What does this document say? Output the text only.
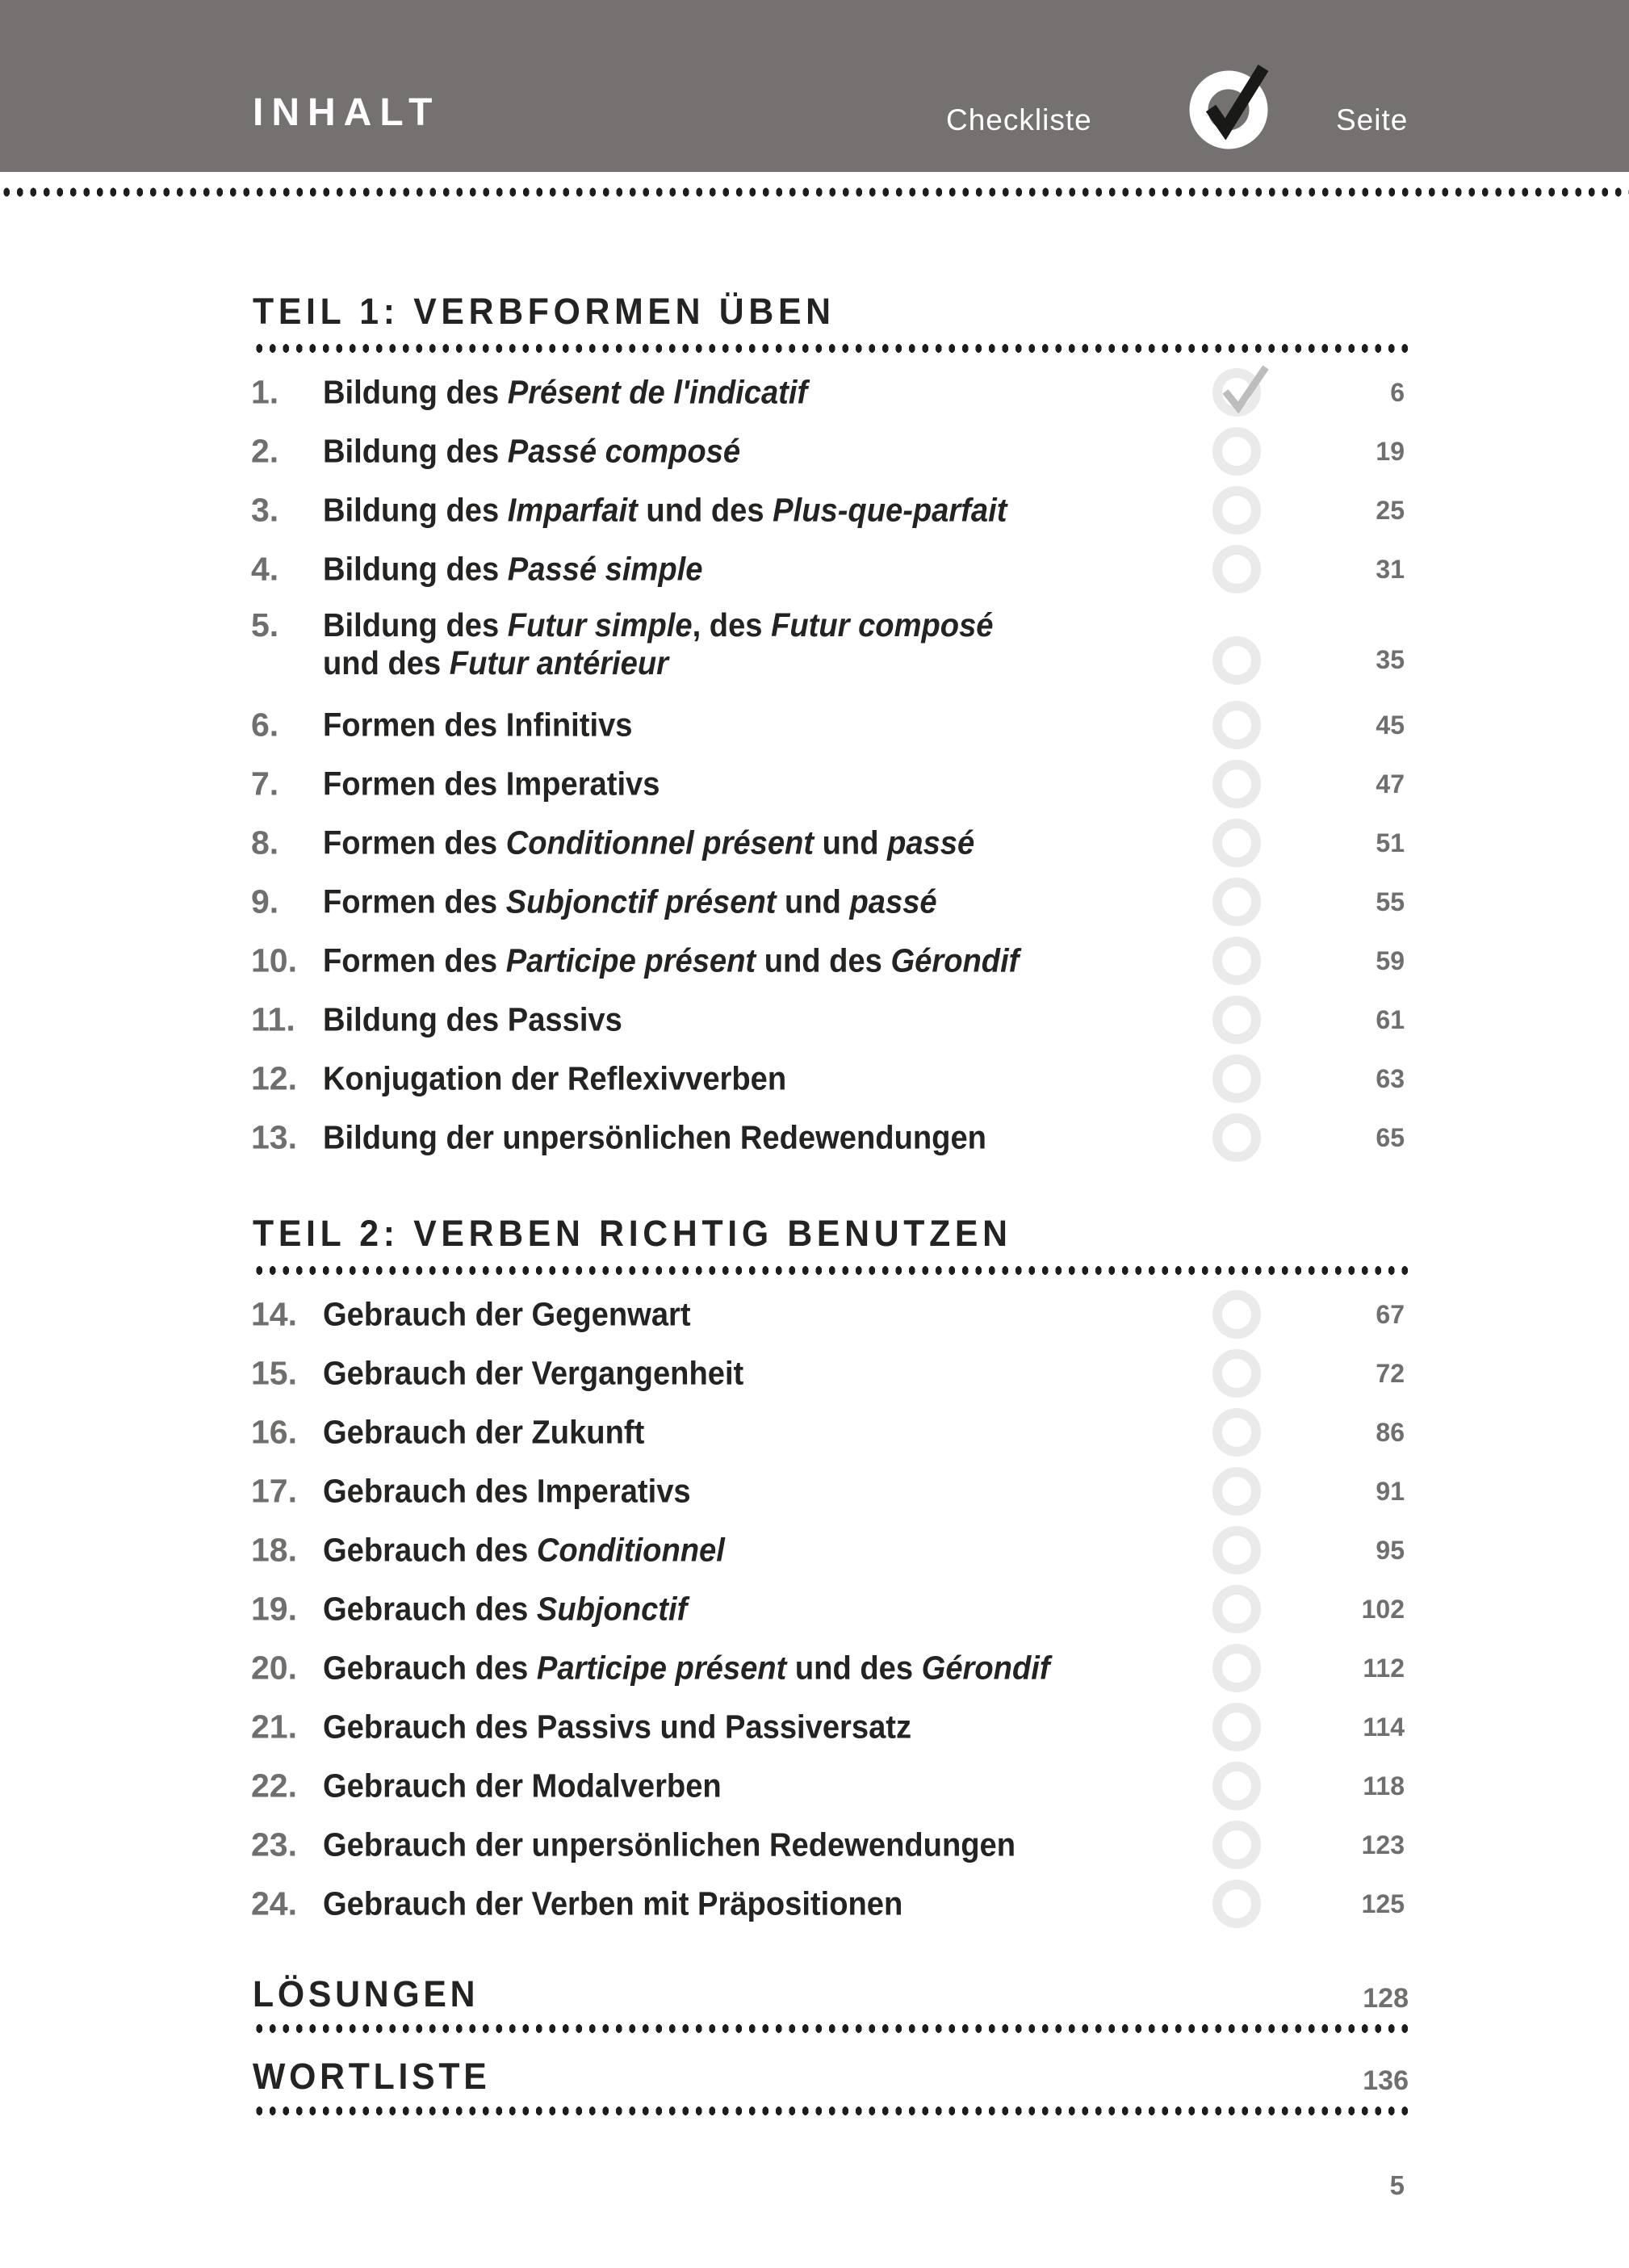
INHALT	Checkliste	Seite
TEIL 1: VERBFORMEN ÜBEN
1. Bildung des Présent de l'indicatif	6
2. Bildung des Passé composé	19
3. Bildung des Imparfait und des Plus-que-parfait	25
4. Bildung des Passé simple	31
5. Bildung des Futur simple, des Futur composé
und des Futur antérieur	35
6. Formen des Infinitivs	45
7. Formen des Imperativs	47
8. Formen des Conditionnel présent und passé	51
9. Formen des Subjonctif présent und passé	55
10. Formen des Participe présent und des Gérondif	59
11. Bildung des Passivs	61
12. Konjugation der Reflexivverben	63
13. Bildung der unpersönlichen Redewendungen	65
TEIL 2: VERBEN RICHTIG BENUTZEN
14. Gebrauch der Gegenwart	67
15. Gebrauch der Vergangenheit	72
16. Gebrauch der Zukunft	86
17. Gebrauch des Imperativs	91
18. Gebrauch des Conditionnel	95
19. Gebrauch des Subjonctif	102
20. Gebrauch des Participe présent und des Gérondif	112
21. Gebrauch des Passivs und Passiversatz	114
22. Gebrauch der Modalverben	118
23. Gebrauch der unpersönlichen Redewendungen	123
24. Gebrauch der Verben mit Präpositionen	125
LÖSUNGEN	128
WORTLISTE	136
5
